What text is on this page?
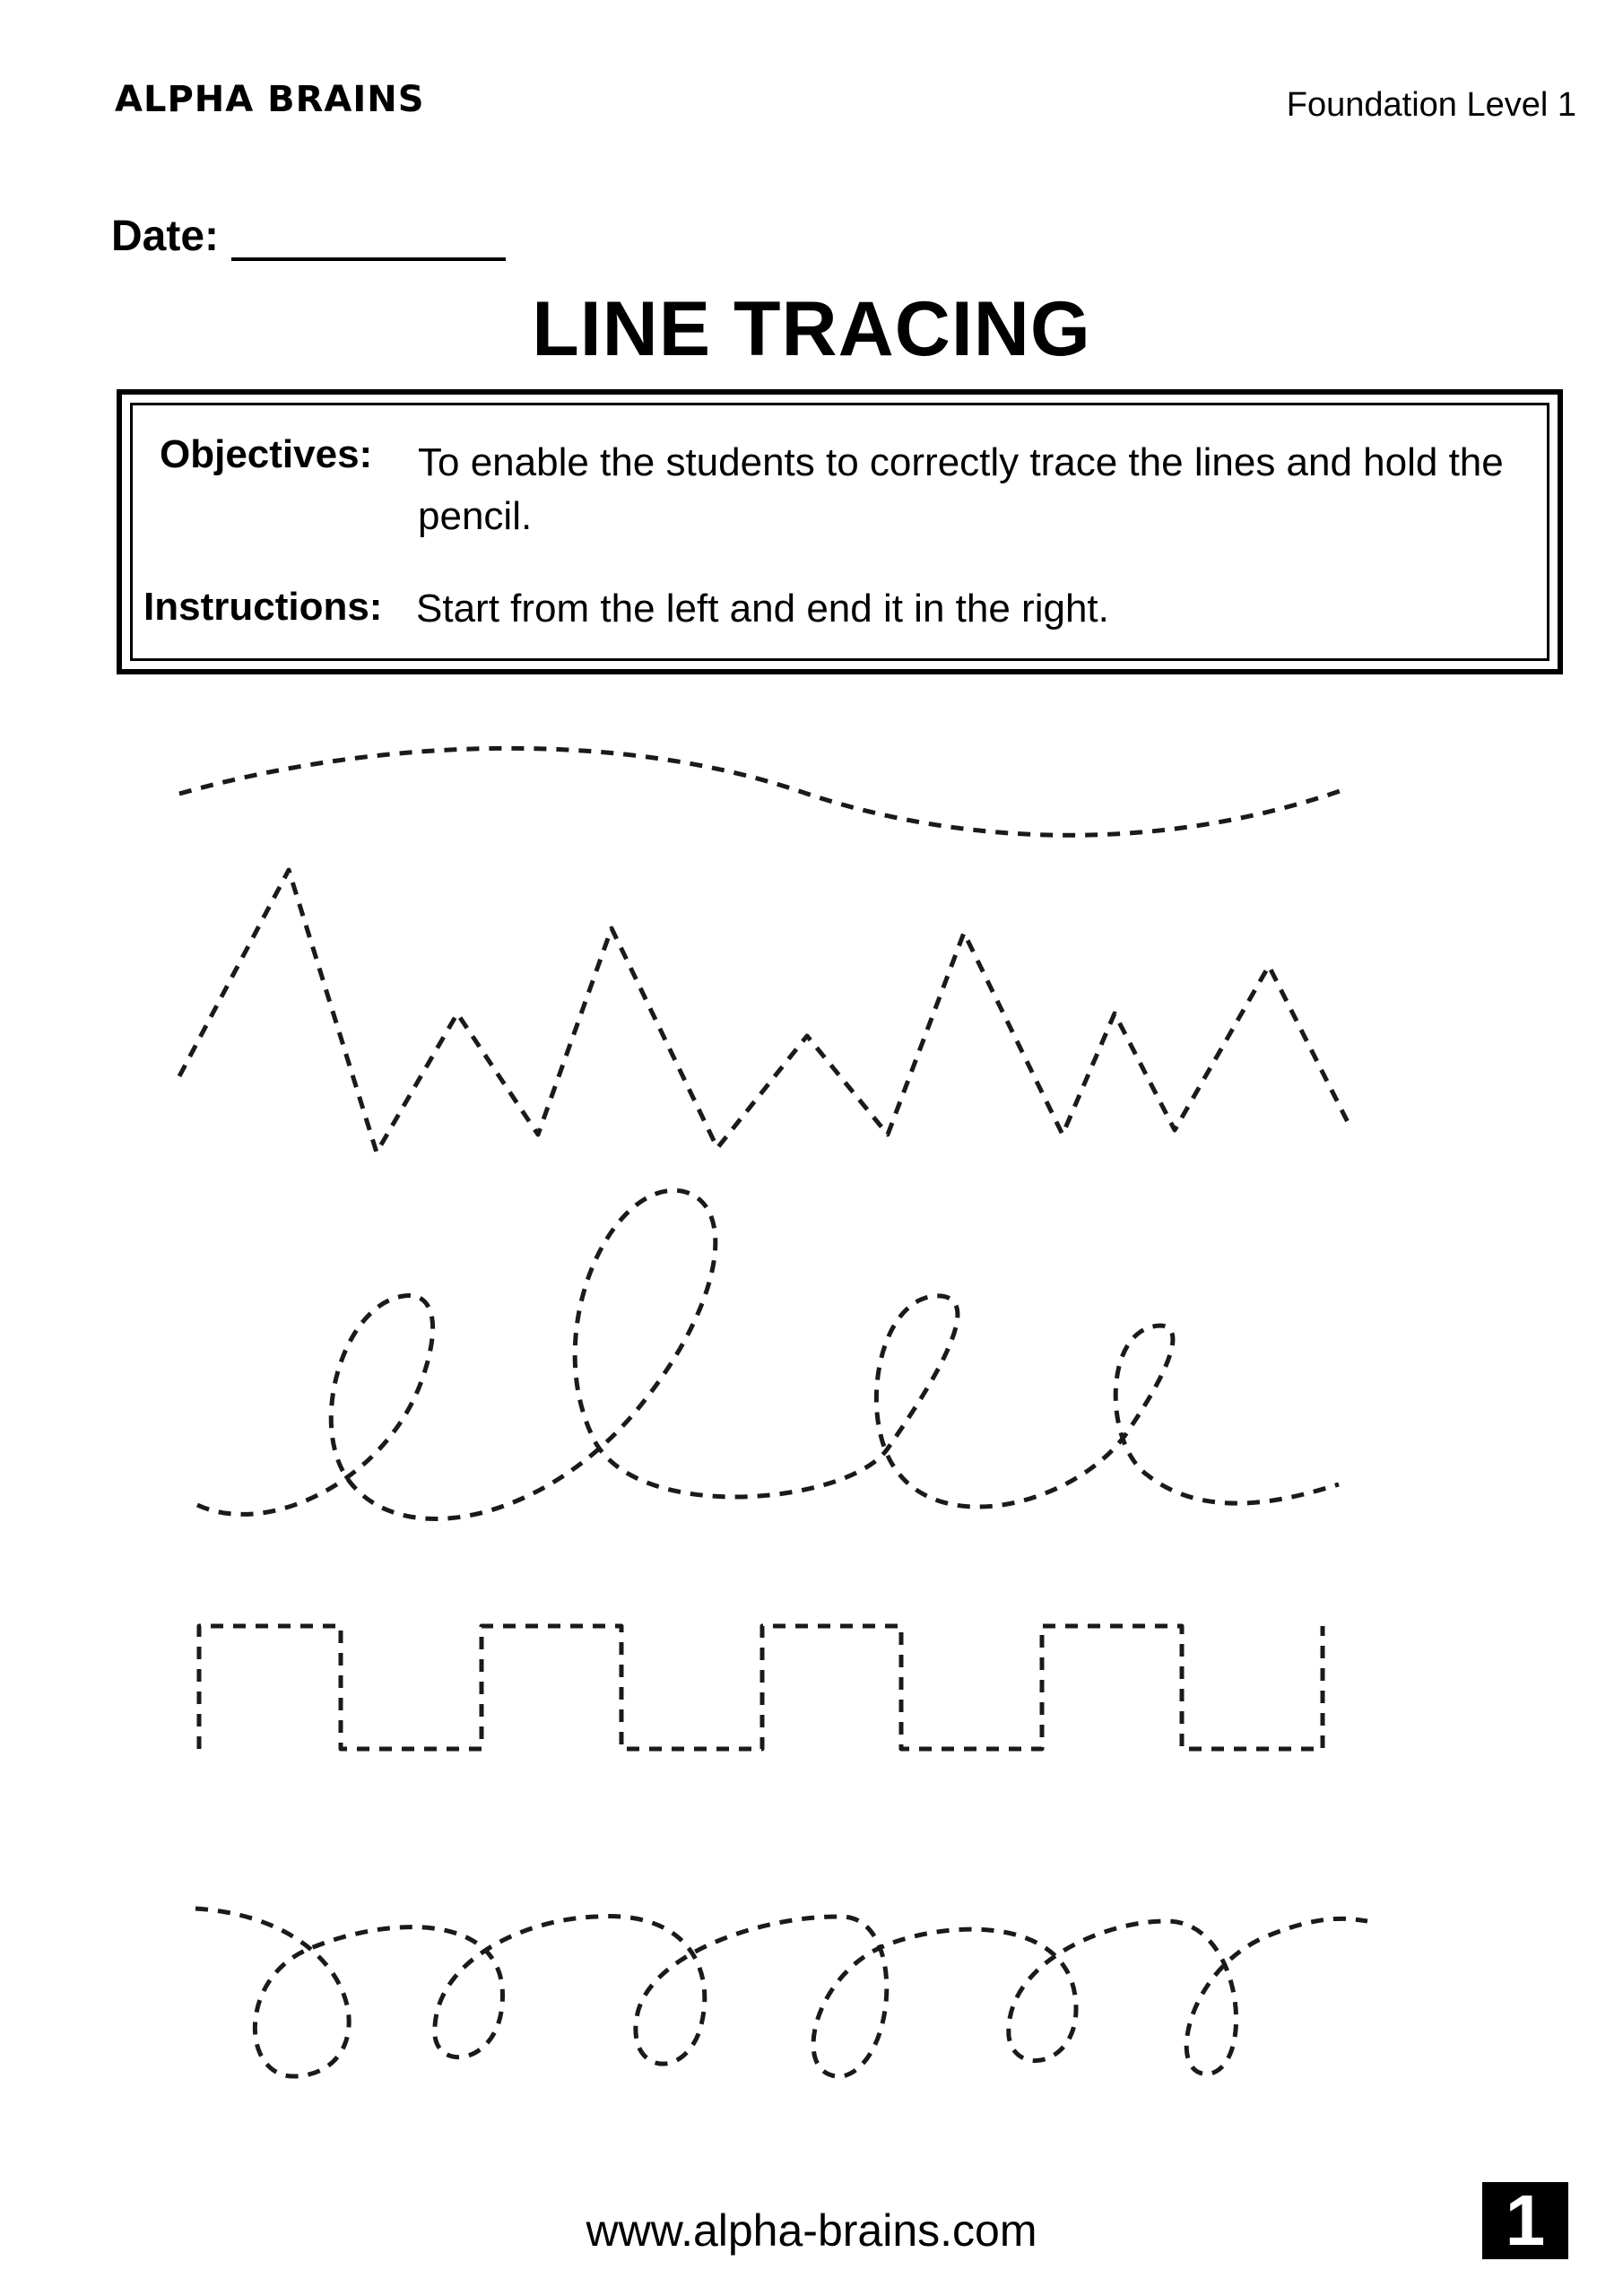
ALPHA BRAINS	Foundation Level 1
Date:
LINE TRACING
Objectives: To enable the students to correctly trace the lines and hold the pencil.
Instructions: Start from the left and end it in the right.
www.alpha-brains.com	1
